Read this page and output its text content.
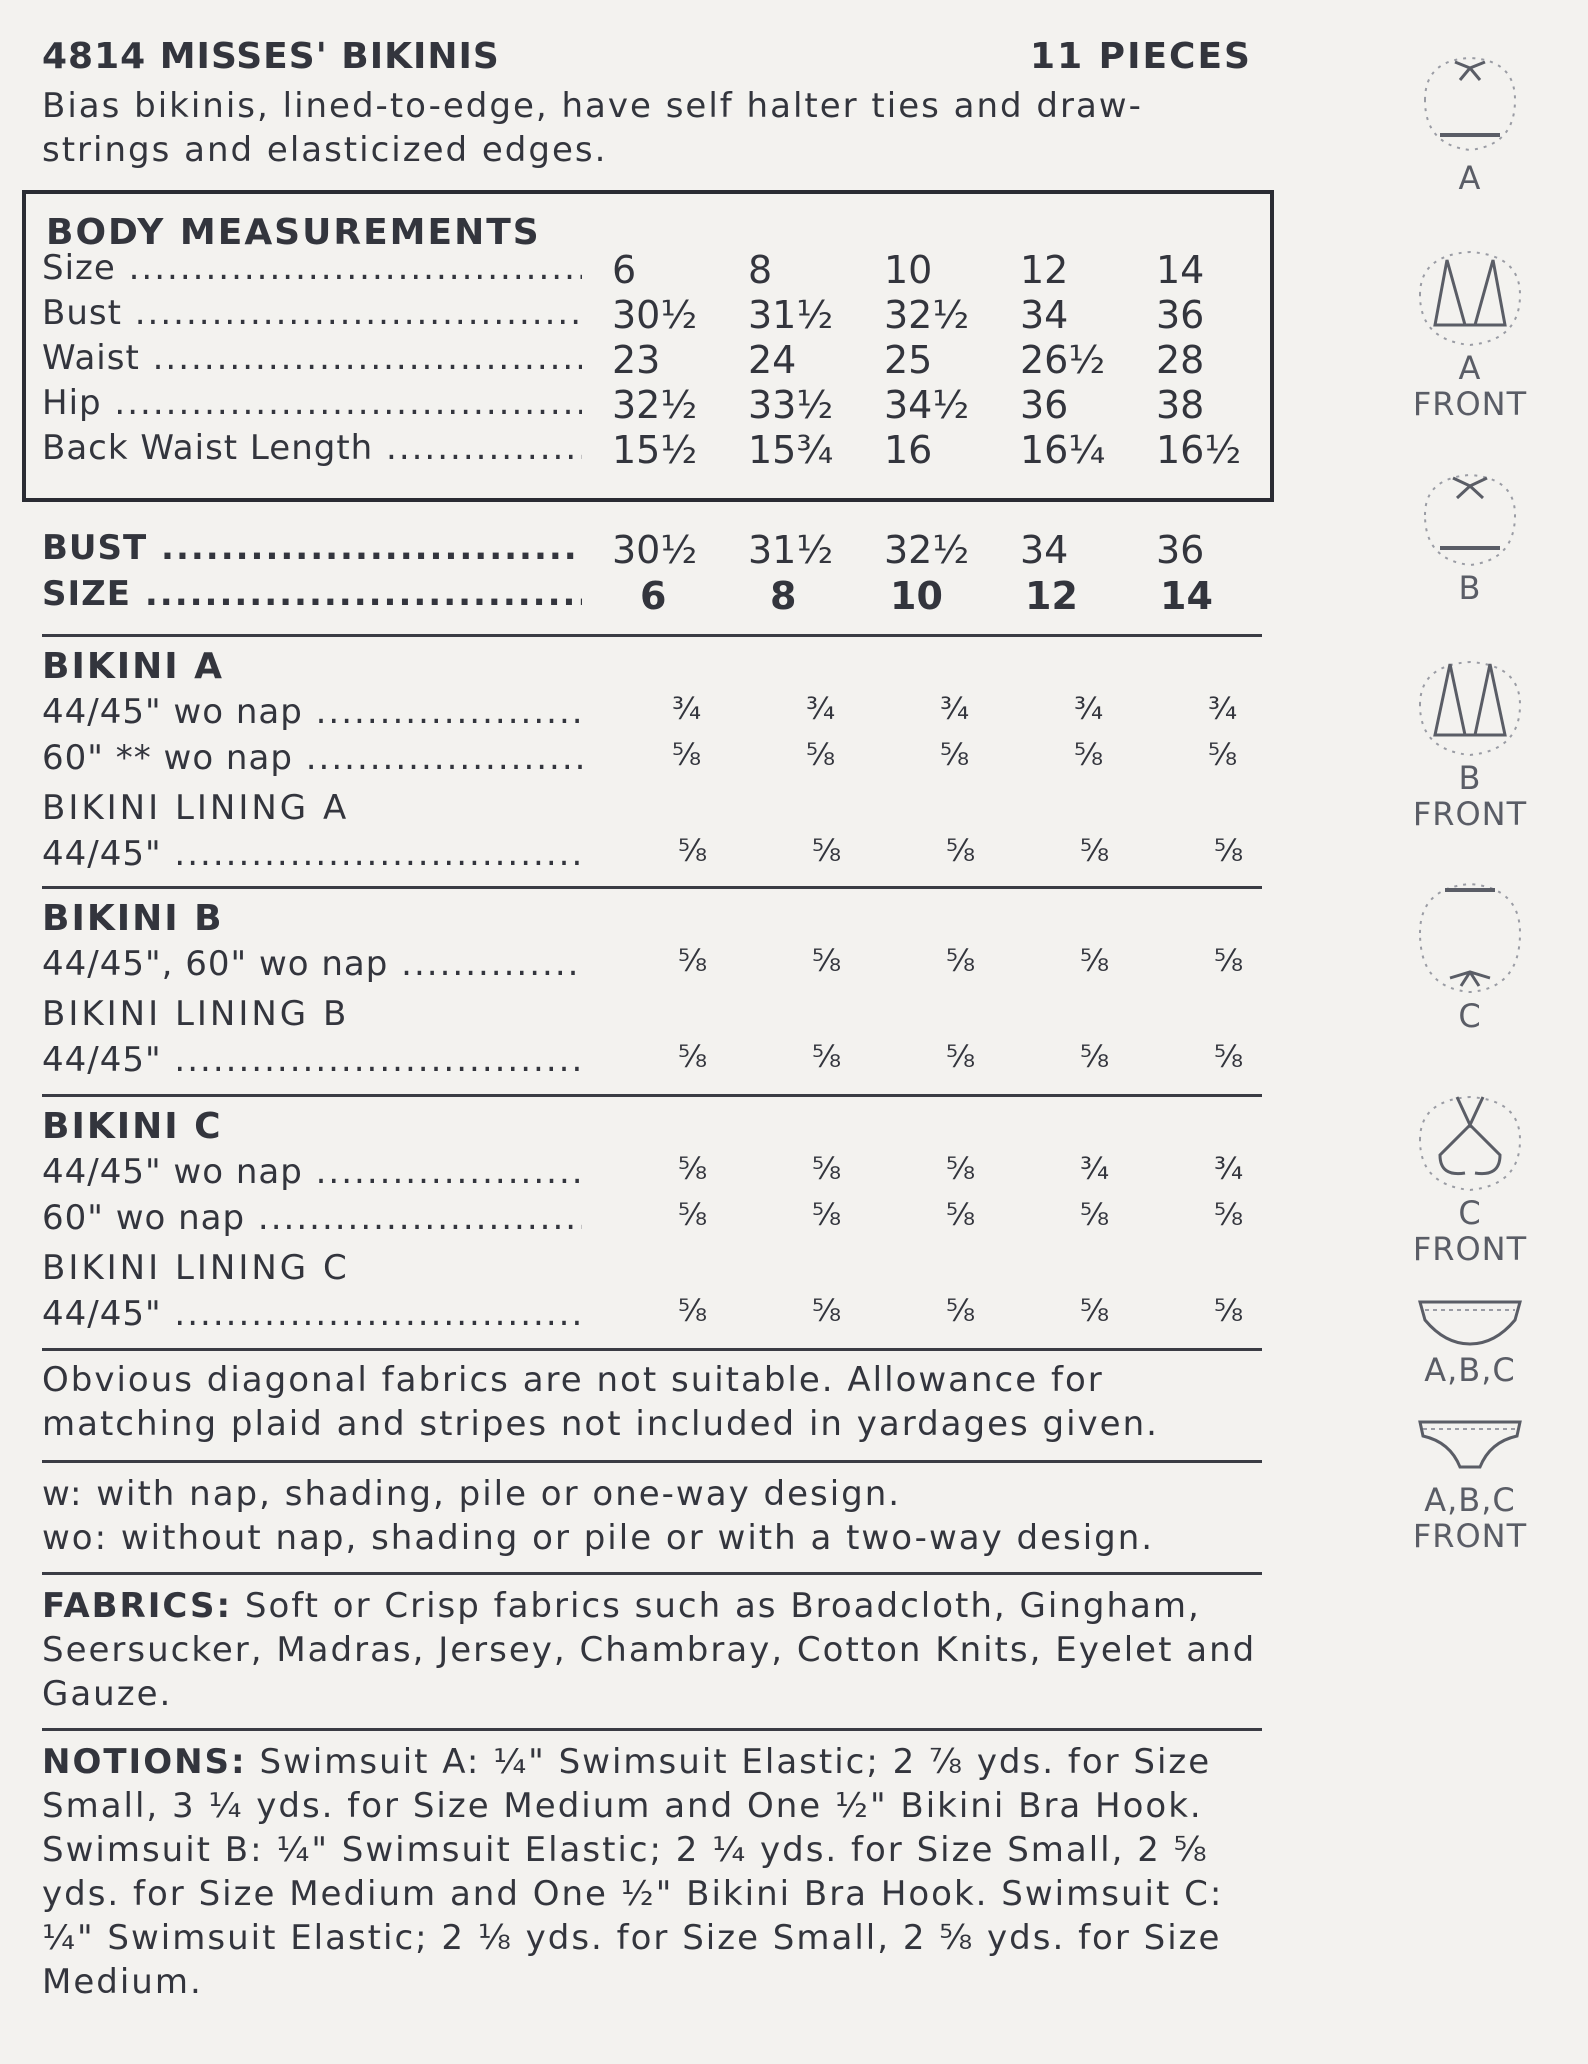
4814 MISSES' BIKINIS	11 PIECES
Bias bikinis, lined-to-edge, have self halter ties and draw-strings and elasticized edges.
BODY MEASUREMENTS
Size .....	6	8	10	12	14
Bust .....	30½	31½	32½	34	36
Waist .....	23	24	25	26½	28
Hip .....	32½	33½	34½	36	38
Back Waist Length .....	15½	15¾	16	16¼	16½
BUST .....	30½	31½	32½	34	36
SIZE .....	6	8	10	12	14
BIKINI A
44/45" wo nap .....	¾	¾	¾	¾	¾
60" ** wo nap .....	⅝	⅝	⅝	⅝	⅝
BIKINI LINING A
44/45" .....	⅝	⅝	⅝	⅝	⅝
BIKINI B
44/45", 60" wo nap .....	⅝	⅝	⅝	⅝	⅝
BIKINI LINING B
44/45" .....	⅝	⅝	⅝	⅝	⅝
BIKINI C
44/45" wo nap .....	⅝	⅝	⅝	¾	¾
60" wo nap .....	⅝	⅝	⅝	⅝	⅝
BIKINI LINING C
44/45" .....	⅝	⅝	⅝	⅝	⅝
Obvious diagonal fabrics are not suitable. Allowance for matching plaid and stripes not included in yardages given.
w: with nap, shading, pile or one-way design.
wo: without nap, shading or pile or with a two-way design.
FABRICS: Soft or Crisp fabrics such as Broadcloth, Gingham, Seersucker, Madras, Jersey, Chambray, Cotton Knits, Eyelet and Gauze.
NOTIONS: Swimsuit A: ¼" Swimsuit Elastic; 2 ⅞ yds. for Size Small, 3 ¼ yds. for Size Medium and One ½" Bikini Bra Hook. Swimsuit B: ¼" Swimsuit Elastic; 2 ¼ yds. for Size Small, 2 ⅝ yds. for Size Medium and One ½" Bikini Bra Hook. Swimsuit C: ¼" Swimsuit Elastic; 2 ⅛ yds. for Size Small, 2 ⅝ yds. for Size Medium.
A
A
FRONT
B
B
FRONT
C
C
FRONT
A,B,C
A,B,C
FRONT
